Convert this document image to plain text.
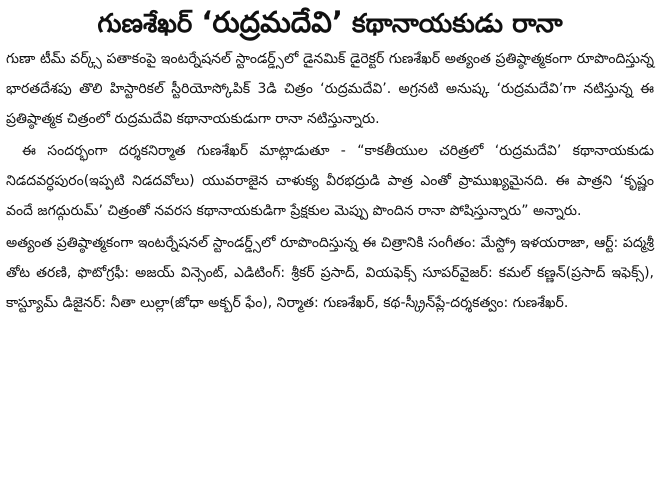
గుణశేఖర్ ‘రుద్రమదేవి’ కథానాయకుడు రానా

గుణా టీమ్ వర్క్స్ పతాకంపై ఇంటర్నేషనల్ స్టాండర్డ్స్‌లో డైనమిక్ డైరెక్టర్ గుణశేఖర్ అత్యంత ప్రతిష్ఠాత్మకంగా రూపొందిస్తున్న భారతదేశపు తొలి హిస్టారికల్ స్టీరియోస్కోపిక్ 3డి చిత్రం ‘రుద్రమదేవి’. అగ్రనటి అనుష్క ‘రుద్రమదేవి’గా నటిస్తున్న ఈ ప్రతిష్ఠాత్మక చిత్రంలో రుద్రమదేవి కథానాయకుడుగా రానా నటిస్తున్నారు.

ఈ సందర్భంగా దర్శకనిర్మాత గుణశేఖర్ మాట్లాడుతూ - “కాకతీయుల చరిత్రలో ‘రుద్రమదేవి’ కథానాయకుడు నిడదవర్ధపురం(ఇప్పటి నిడదవోలు) యువరాజైన చాళుక్య వీరభద్రుడి పాత్ర ఎంతో ప్రాముఖ్యమైనది. ఈ పాత్రని ‘కృష్ణం వందే జగద్గురుమ్’ చిత్రంతో నవరస కథానాయకుడిగా ప్రేక్షకుల మెప్పు పొందిన రానా పోషిస్తున్నారు” అన్నారు.

అత్యంత ప్రతిష్ఠాత్మకంగా ఇంటర్నేషనల్ స్టాండర్డ్స్‌లో రూపొందిస్తున్న ఈ చిత్రానికి సంగీతం: మేస్ట్రో ఇళయరాజా, ఆర్ట్: పద్మశ్రీ తోట తరణి, ఫొటోగ్రఫీ: అజయ్ విన్సెంట్, ఎడిటింగ్: శ్రీకర్ ప్రసాద్, వియఫెక్స్ సూపర్‌వైజర్: కమల్ కణ్ణన్(ప్రసాద్ ఇఫెక్స్), కాస్ట్యూమ్ డిజైనర్: నీతా లుల్లా(జోధా అక్బర్ ఫేం), నిర్మాత: గుణశేఖర్, కథ-స్క్రీన్‌ప్లే-దర్శకత్వం: గుణశేఖర్.
